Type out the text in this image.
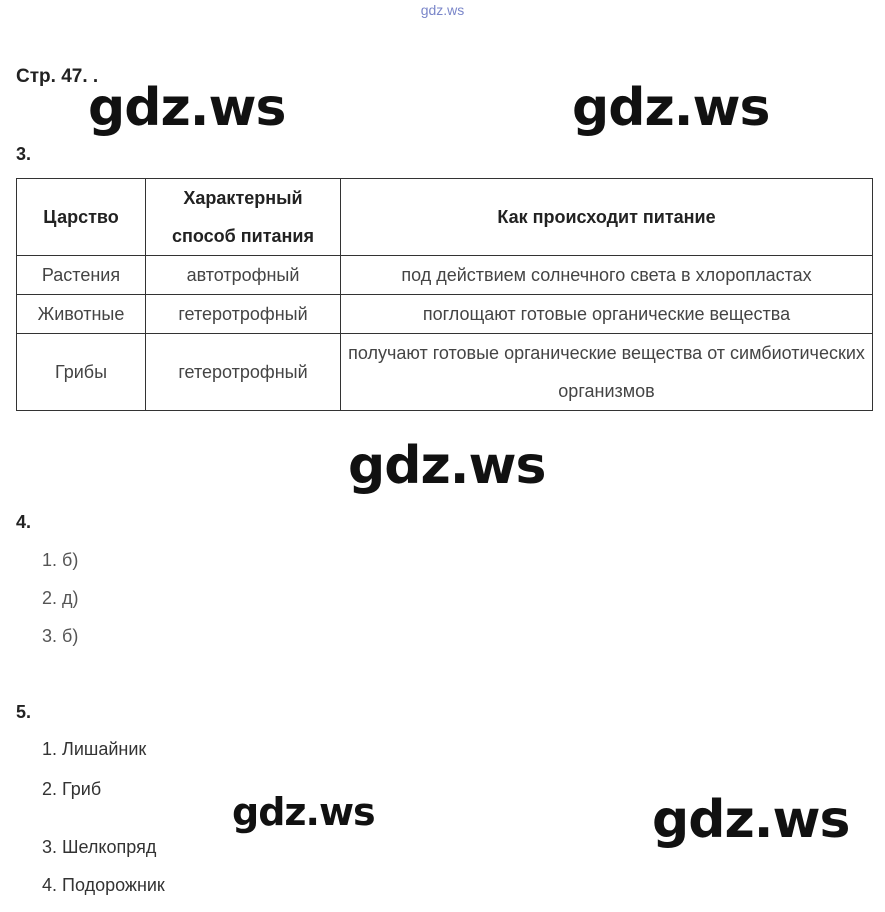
gdz.ws
Стр. 47. .
gdz.ws	gdz.ws
3.
Царство	Характерный способ питания	Как происходит питание
Растения	автотрофный	под действием солнечного света в хлоропластах
Животные	гетеротрофный	поглощают готовые органические вещества
Грибы	гетеротрофный	получают готовые органические вещества от симбиотических организмов
gdz.ws
4.
1. б)
2. д)
3. б)
5.
1. Лишайник
2. Гриб
3. Шелкопряд
4. Подорожник
gdz.ws	gdz.ws
